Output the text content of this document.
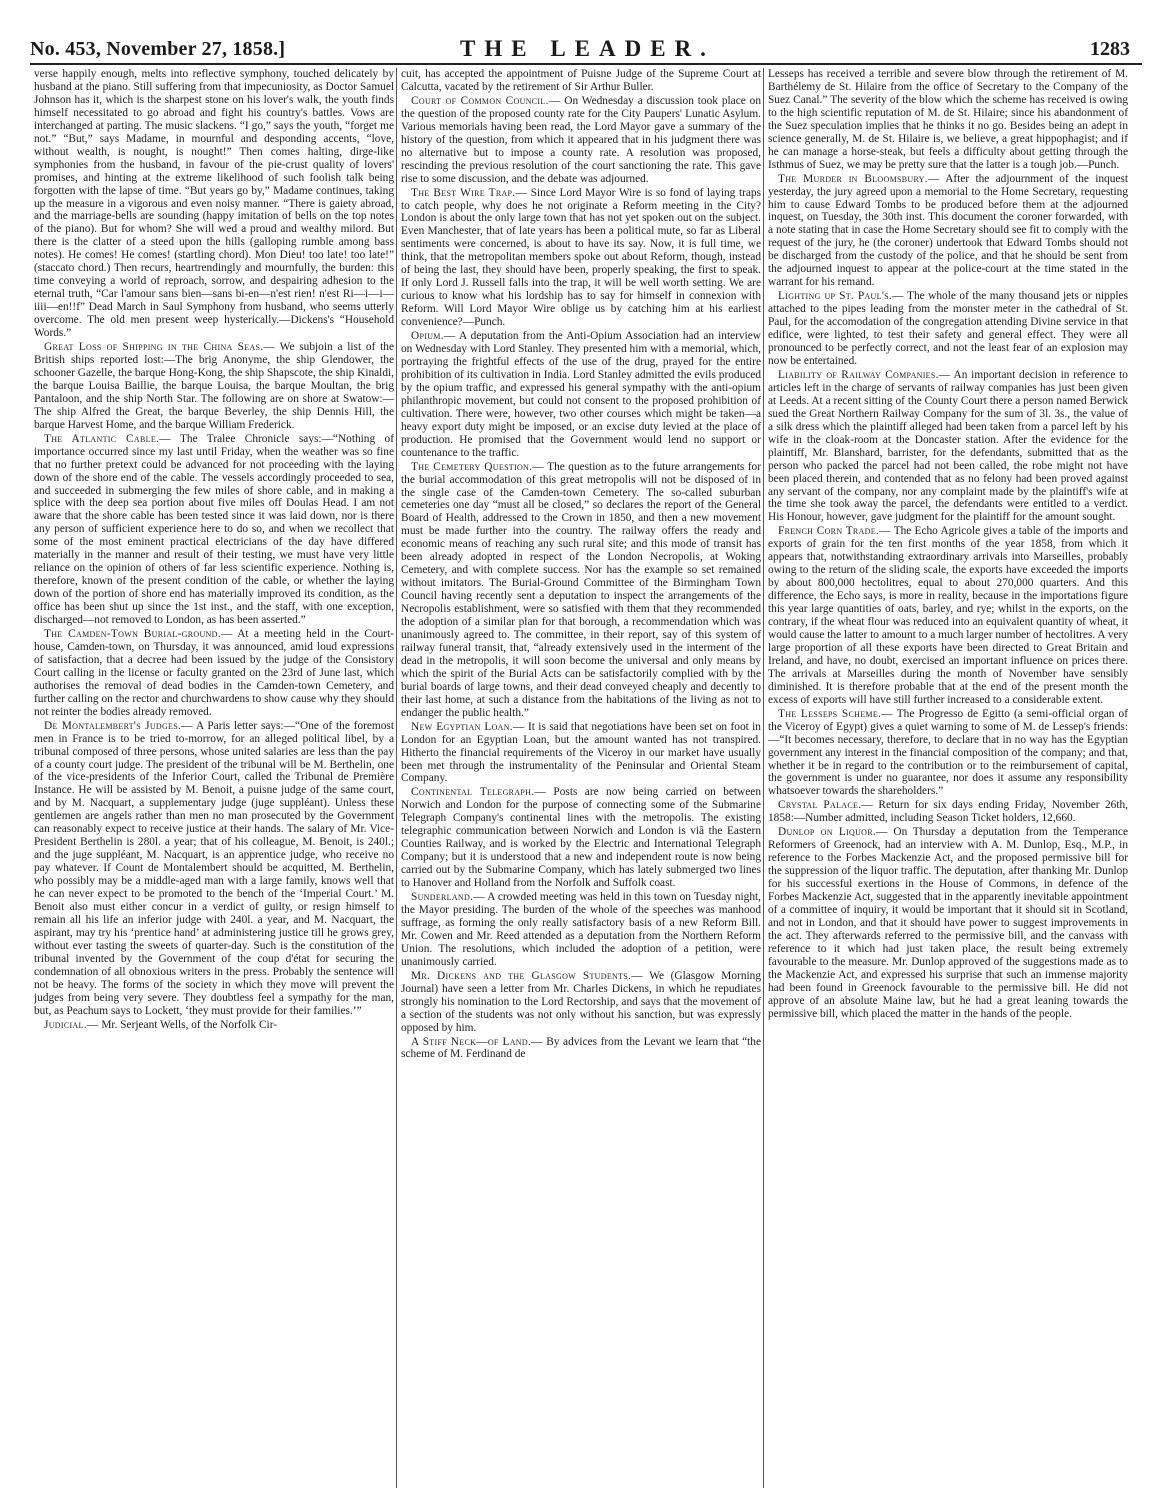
No. 453, November 27, 1858.]	THE LEADER.	1283

verse happily enough, melts into reflective symphony, touched delicately by husband at the piano. Still suffering from that impecuniosity, as Doctor Samuel Johnson has it, which is the sharpest stone on his lover's walk, the youth finds himself necessitated to go abroad and fight his country's battles. Vows are interchanged at parting. The music slackens. “I go,” says the youth, “forget me not.” “But,” says Madame, in mournful and desponding accents, “love, without wealth, is nought, is nought!” Then comes halting, dirge-like symphonies from the husband, in favour of the pie-crust quality of lovers' promises, and hinting at the extreme likelihood of such foolish talk being forgotten with the lapse of time. “But years go by,” Madame continues, taking up the measure in a vigorous and even noisy manner. “There is gaiety abroad, and the marriage-bells are sounding (happy imitation of bells on the top notes of the piano). But for whom? She will wed a proud and wealthy milord. But there is the clatter of a steed upon the hills (galloping rumble among bass notes). He comes! He comes! (startling chord). Mon Dieu! too late! too late!” (staccato chord.) Then recurs, heartrendingly and mournfully, the burden: this time conveying a world of reproach, sorrow, and despairing adhesion to the eternal truth, “Car l'amour sans bien—sans bi-en—n'est rien! n'est Ri—i—i—iiii—en!!f” Dead March in Saul Symphony from husband, who seems utterly overcome. The old men present weep hysterically.—Dickens's “Household Words.”

Great Loss of Shipping in the China Seas.— We subjoin a list of the British ships reported lost:—The brig Anonyme, the ship Glendower, the schooner Gazelle, the barque Hong-Kong, the ship Shapscote, the ship Kinaldi, the barque Louisa Baillie, the barque Louisa, the barque Moultan, the brig Pantaloon, and the ship North Star. The following are on shore at Swatow:—The ship Alfred the Great, the barque Beverley, the ship Dennis Hill, the barque Harvest Home, and the barque William Frederick.

The Atlantic Cable.— The Tralee Chronicle says:—“Nothing of importance occurred since my last until Friday, when the weather was so fine that no further pretext could be advanced for not proceeding with the laying down of the shore end of the cable. The vessels accordingly proceeded to sea, and succeeded in submerging the few miles of shore cable, and in making a splice with the deep sea portion about five miles off Doulas Head. I am not aware that the shore cable has been tested since it was laid down, nor is there any person of sufficient experience here to do so, and when we recollect that some of the most eminent practical electricians of the day have differed materially in the manner and result of their testing, we must have very little reliance on the opinion of others of far less scientific experience. Nothing is, therefore, known of the present condition of the cable, or whether the laying down of the portion of shore end has materially improved its condition, as the office has been shut up since the 1st inst., and the staff, with one exception, discharged—not removed to London, as has been asserted.”

The Camden-Town Burial-ground.— At a meeting held in the Court-house, Camden-town, on Thursday, it was announced, amid loud expressions of satisfaction, that a decree had been issued by the judge of the Consistory Court calling in the license or faculty granted on the 23rd of June last, which authorises the removal of dead bodies in the Camden-town Cemetery, and further calling on the rector and churchwardens to show cause why they should not reinter the bodies already removed.

De Montalembert's Judges.— A Paris letter says:—“One of the foremost men in France is to be tried to-morrow, for an alleged political libel, by a tribunal composed of three persons, whose united salaries are less than the pay of a county court judge. The president of the tribunal will be M. Berthelin, one of the vice-presidents of the Inferior Court, called the Tribunal de Première Instance. He will be assisted by M. Benoit, a puisne judge of the same court, and by M. Nacquart, a supplementary judge (juge suppléant). Unless these gentlemen are angels rather than men no man prosecuted by the Government can reasonably expect to receive justice at their hands. The salary of Mr. Vice-President Berthelin is 280l. a year; that of his colleague, M. Benoit, is 240l.; and the juge suppléant, M. Nacquart, is an apprentice judge, who receive no pay whatever. If Count de Montalembert should be acquitted, M. Berthelin, who possibly may be a middle-aged man with a large family, knows well that he can never expect to be promoted to the bench of the ‘Imperial Court.’ M. Benoit also must either concur in a verdict of guilty, or resign himself to remain all his life an inferior judge with 240l. a year, and M. Nacquart, the aspirant, may try his ‘prentice hand’ at administering justice till he grows grey, without ever tasting the sweets of quarter-day. Such is the constitution of the tribunal invented by the Government of the coup d'état for securing the condemnation of all obnoxious writers in the press. Probably the sentence will not be heavy. The forms of the society in which they move will prevent the judges from being very severe. They doubtless feel a sympathy for the man, but, as Peachum says to Lockett, ‘they must provide for their families.’”

Judicial.— Mr. Serjeant Wells, of the Norfolk Cir-

cuit, has accepted the appointment of Puisne Judge of the Supreme Court at Calcutta, vacated by the retirement of Sir Arthur Buller.

Court of Common Council.— On Wednesday a discussion took place on the question of the proposed county rate for the City Paupers' Lunatic Asylum. Various memorials having been read, the Lord Mayor gave a summary of the history of the question, from which it appeared that in his judgment there was no alternative but to impose a county rate. A resolution was proposed, rescinding the previous resolution of the court sanctioning the rate. This gave rise to some discussion, and the debate was adjourned.

The Best Wire Trap.— Since Lord Mayor Wire is so fond of laying traps to catch people, why does he not originate a Reform meeting in the City? London is about the only large town that has not yet spoken out on the subject. Even Manchester, that of late years has been a political mute, so far as Liberal sentiments were concerned, is about to have its say. Now, it is full time, we think, that the metropolitan members spoke out about Reform, though, instead of being the last, they should have been, properly speaking, the first to speak. If only Lord J. Russell falls into the trap, it will be well worth setting. We are curious to know what his lordship has to say for himself in connexion with Reform. Will Lord Mayor Wire oblige us by catching him at his earliest convenience?—Punch.

Opium.— A deputation from the Anti-Opium Association had an interview on Wednesday with Lord Stanley. They presented him with a memorial, which, portraying the frightful effects of the use of the drug, prayed for the entire prohibition of its cultivation in India. Lord Stanley admitted the evils produced by the opium traffic, and expressed his general sympathy with the anti-opium philanthropic movement, but could not consent to the proposed prohibition of cultivation. There were, however, two other courses which might be taken—a heavy export duty might be imposed, or an excise duty levied at the place of production. He promised that the Government would lend no support or countenance to the traffic.

The Cemetery Question.— The question as to the future arrangements for the burial accommodation of this great metropolis will not be disposed of in the single case of the Camden-town Cemetery. The so-called suburban cemeteries one day “must all be closed,” so declares the report of the General Board of Health, addressed to the Crown in 1850, and then a new movement must be made further into the country. The railway offers the ready and economic means of reaching any such rural site; and this mode of transit has been already adopted in respect of the London Necropolis, at Woking Cemetery, and with complete success. Nor has the example so set remained without imitators. The Burial-Ground Committee of the Birmingham Town Council having recently sent a deputation to inspect the arrangements of the Necropolis establishment, were so satisfied with them that they recommended the adoption of a similar plan for that borough, a recommendation which was unanimously agreed to. The committee, in their report, say of this system of railway funeral transit, that, “already extensively used in the interment of the dead in the metropolis, it will soon become the universal and only means by which the spirit of the Burial Acts can be satisfactorily complied with by the burial boards of large towns, and their dead conveyed cheaply and decently to their last home, at such a distance from the habitations of the living as not to endanger the public health.”

New Egyptian Loan.— It is said that negotiations have been set on foot in London for an Egyptian Loan, but the amount wanted has not transpired. Hitherto the financial requirements of the Viceroy in our market have usually been met through the instrumentality of the Peninsular and Oriental Steam Company.

Continental Telegraph.— Posts are now being carried on between Norwich and London for the purpose of connecting some of the Submarine Telegraph Company's continental lines with the metropolis. The existing telegraphic communication between Norwich and London is viâ the Eastern Counties Railway, and is worked by the Electric and International Telegraph Company; but it is understood that a new and independent route is now being carried out by the Submarine Company, which has lately submerged two lines to Hanover and Holland from the Norfolk and Suffolk coast.

Sunderland.— A crowded meeting was held in this town on Tuesday night, the Mayor presiding. The burden of the whole of the speeches was manhood suffrage, as forming the only really satisfactory basis of a new Reform Bill. Mr. Cowen and Mr. Reed attended as a deputation from the Northern Reform Union. The resolutions, which included the adoption of a petition, were unanimously carried.

Mr. Dickens and the Glasgow Students.— We (Glasgow Morning Journal) have seen a letter from Mr. Charles Dickens, in which he repudiates strongly his nomination to the Lord Rectorship, and says that the movement of a section of the students was not only without his sanction, but was expressly opposed by him.

A Stiff Neck—of Land.— By advices from the Levant we learn that “the scheme of M. Ferdinand de

Lesseps has received a terrible and severe blow through the retirement of M. Barthélemy de St. Hilaire from the office of Secretary to the Company of the Suez Canal.” The severity of the blow which the scheme has received is owing to the high scientific reputation of M. de St. Hilaire; since his abandonment of the Suez speculation implies that he thinks it no go. Besides being an adept in science generally, M. de St. Hilaire is, we believe, a great hippophagist; and if he can manage a horse-steak, but feels a difficulty about getting through the Isthmus of Suez, we may be pretty sure that the latter is a tough job.—Punch.

The Murder in Bloomsbury.— After the adjournment of the inquest yesterday, the jury agreed upon a memorial to the Home Secretary, requesting him to cause Edward Tombs to be produced before them at the adjourned inquest, on Tuesday, the 30th inst. This document the coroner forwarded, with a note stating that in case the Home Secretary should see fit to comply with the request of the jury, he (the coroner) undertook that Edward Tombs should not be discharged from the custody of the police, and that he should be sent from the adjourned inquest to appear at the police-court at the time stated in the warrant for his remand.

Lighting up St. Paul's.— The whole of the many thousand jets or nipples attached to the pipes leading from the monster meter in the cathedral of St. Paul, for the accomodation of the congregation attending Divine service in that edifice, were lighted, to test their safety and general effect. They were all pronounced to be perfectly correct, and not the least fear of an explosion may now be entertained.

Liability of Railway Companies.— An important decision in reference to articles left in the charge of servants of railway companies has just been given at Leeds. At a recent sitting of the County Court there a person named Berwick sued the Great Northern Railway Company for the sum of 3l. 3s., the value of a silk dress which the plaintiff alleged had been taken from a parcel left by his wife in the cloak-room at the Doncaster station. After the evidence for the plaintiff, Mr. Blanshard, barrister, for the defendants, submitted that as the person who packed the parcel had not been called, the robe might not have been placed therein, and contended that as no felony had been proved against any servant of the company, nor any complaint made by the plaintiff's wife at the time she took away the parcel, the defendants were entitled to a verdict. His Honour, however, gave judgment for the plaintiff for the amount sought.

French Corn Trade.— The Echo Agricole gives a table of the imports and exports of grain for the ten first months of the year 1858, from which it appears that, notwithstanding extraordinary arrivals into Marseilles, probably owing to the return of the sliding scale, the exports have exceeded the imports by about 800,000 hectolitres, equal to about 270,000 quarters. And this difference, the Echo says, is more in reality, because in the importations figure this year large quantities of oats, barley, and rye; whilst in the exports, on the contrary, if the wheat flour was reduced into an equivalent quantity of wheat, it would cause the latter to amount to a much larger number of hectolitres. A very large proportion of all these exports have been directed to Great Britain and Ireland, and have, no doubt, exercised an important influence on prices there. The arrivals at Marseilles during the month of November have sensibly diminished. It is therefore probable that at the end of the present month the excess of exports will have still further increased to a considerable extent.

The Lesseps Scheme.— The Progresso de Egitto (a semi-official organ of the Viceroy of Egypt) gives a quiet warning to some of M. de Lessep's friends:—“It becomes necessary, therefore, to declare that in no way has the Egyptian government any interest in the financial composition of the company; and that, whether it be in regard to the contribution or to the reimbursement of capital, the government is under no guarantee, nor does it assume any responsibility whatsoever towards the shareholders.”

Crystal Palace.— Return for six days ending Friday, November 26th, 1858:—Number admitted, including Season Ticket holders, 12,660.

Dunlop on Liquor.— On Thursday a deputation from the Temperance Reformers of Greenock, had an interview with A. M. Dunlop, Esq., M.P., in reference to the Forbes Mackenzie Act, and the proposed permissive bill for the suppression of the liquor traffic. The deputation, after thanking Mr. Dunlop for his successful exertions in the House of Commons, in defence of the Forbes Mackenzie Act, suggested that in the apparently inevitable appointment of a committee of inquiry, it would be important that it should sit in Scotland, and not in London, and that it should have power to suggest improvements in the act. They afterwards referred to the permissive bill, and the canvass with reference to it which had just taken place, the result being extremely favourable to the measure. Mr. Dunlop approved of the suggestions made as to the Mackenzie Act, and expressed his surprise that such an immense majority had been found in Greenock favourable to the permissive bill. He did not approve of an absolute Maine law, but he had a great leaning towards the permissive bill, which placed the matter in the hands of the people.
